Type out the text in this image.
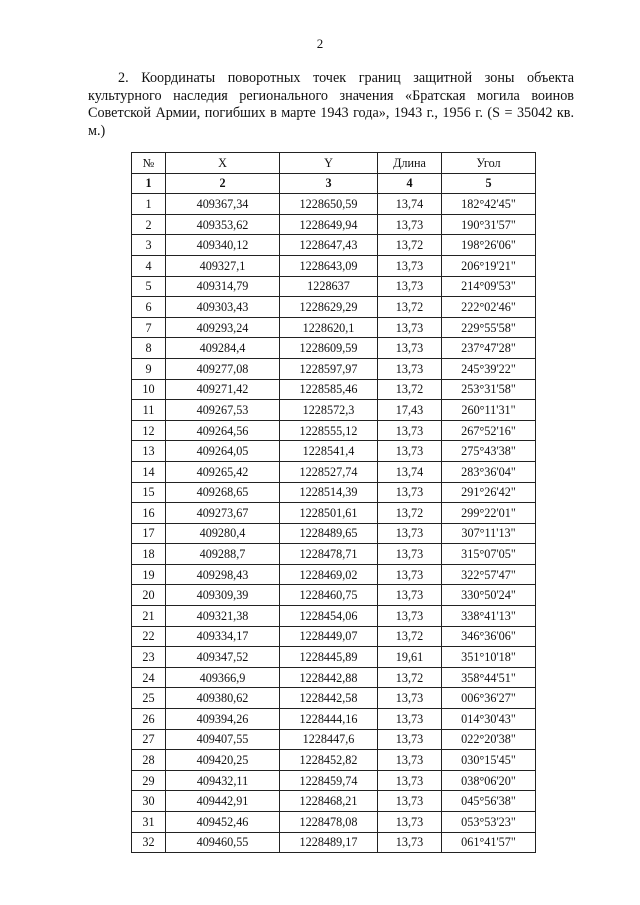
2
2. Координаты поворотных точек границ защитной зоны объекта культурного наследия регионального значения «Братская могила воинов Советской Армии, погибших в марте 1943 года», 1943 г., 1956 г. (S = 35042 кв. м.)
№	X	Y	Длина	Угол
1	2	3	4	5
1	409367,34	1228650,59	13,74	182°42'45"
2	409353,62	1228649,94	13,73	190°31'57"
3	409340,12	1228647,43	13,72	198°26'06"
4	409327,1	1228643,09	13,73	206°19'21"
5	409314,79	1228637	13,73	214°09'53"
6	409303,43	1228629,29	13,72	222°02'46"
7	409293,24	1228620,1	13,73	229°55'58"
8	409284,4	1228609,59	13,73	237°47'28"
9	409277,08	1228597,97	13,73	245°39'22"
10	409271,42	1228585,46	13,72	253°31'58"
11	409267,53	1228572,3	17,43	260°11'31"
12	409264,56	1228555,12	13,73	267°52'16"
13	409264,05	1228541,4	13,73	275°43'38"
14	409265,42	1228527,74	13,74	283°36'04"
15	409268,65	1228514,39	13,73	291°26'42"
16	409273,67	1228501,61	13,72	299°22'01"
17	409280,4	1228489,65	13,73	307°11'13"
18	409288,7	1228478,71	13,73	315°07'05"
19	409298,43	1228469,02	13,73	322°57'47"
20	409309,39	1228460,75	13,73	330°50'24"
21	409321,38	1228454,06	13,73	338°41'13"
22	409334,17	1228449,07	13,72	346°36'06"
23	409347,52	1228445,89	19,61	351°10'18"
24	409366,9	1228442,88	13,72	358°44'51"
25	409380,62	1228442,58	13,73	006°36'27"
26	409394,26	1228444,16	13,73	014°30'43"
27	409407,55	1228447,6	13,73	022°20'38"
28	409420,25	1228452,82	13,73	030°15'45"
29	409432,11	1228459,74	13,73	038°06'20"
30	409442,91	1228468,21	13,73	045°56'38"
31	409452,46	1228478,08	13,73	053°53'23"
32	409460,55	1228489,17	13,73	061°41'57"
